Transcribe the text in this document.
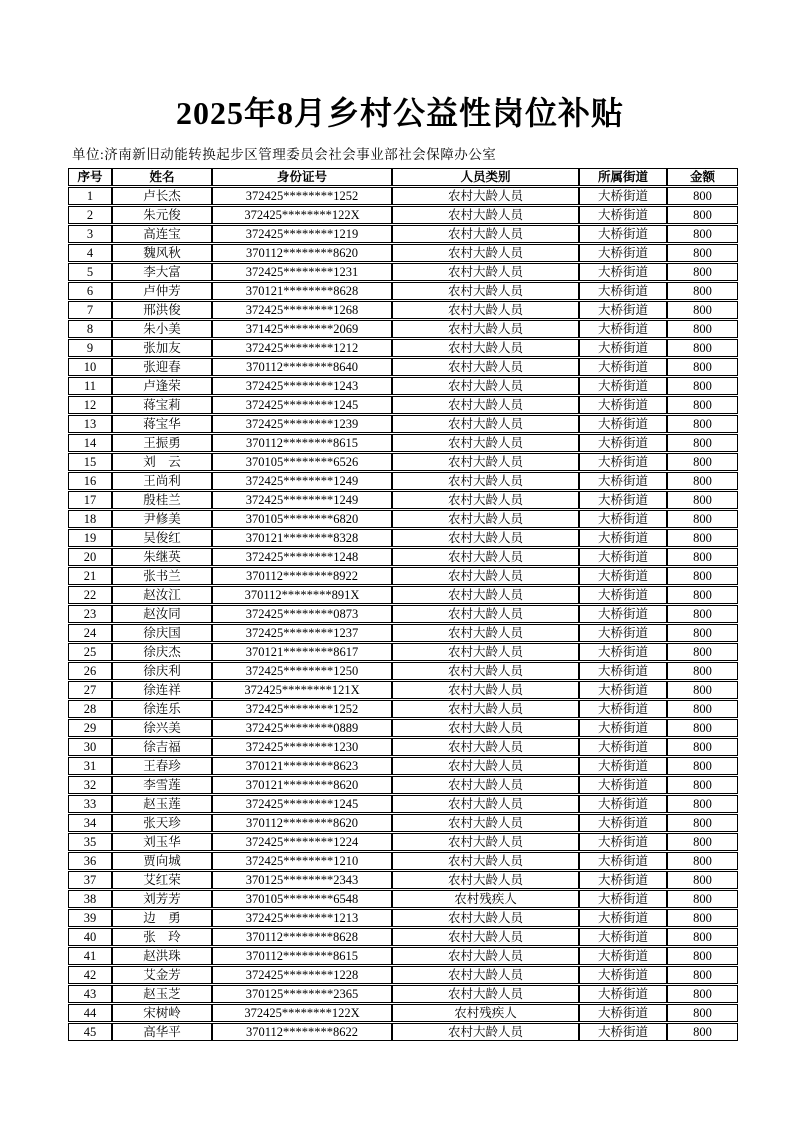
2025年8月乡村公益性岗位补贴
单位:济南新旧动能转换起步区管理委员会社会事业部社会保障办公室
序号	姓名	身份证号	人员类别	所属街道	金额
1	卢长杰	372425********1252	农村大龄人员	大桥街道	800
2	朱元俊	372425********122X	农村大龄人员	大桥街道	800
3	高连宝	372425********1219	农村大龄人员	大桥街道	800
4	魏风秋	370112********8620	农村大龄人员	大桥街道	800
5	李大富	372425********1231	农村大龄人员	大桥街道	800
6	卢仲芳	370121********8628	农村大龄人员	大桥街道	800
7	邢洪俊	372425********1268	农村大龄人员	大桥街道	800
8	朱小美	371425********2069	农村大龄人员	大桥街道	800
9	张加友	372425********1212	农村大龄人员	大桥街道	800
10	张迎春	370112********8640	农村大龄人员	大桥街道	800
11	卢逢荣	372425********1243	农村大龄人员	大桥街道	800
12	蒋宝莉	372425********1245	农村大龄人员	大桥街道	800
13	蒋宝华	372425********1239	农村大龄人员	大桥街道	800
14	王振勇	370112********8615	农村大龄人员	大桥街道	800
15	刘　云	370105********6526	农村大龄人员	大桥街道	800
16	王尚利	372425********1249	农村大龄人员	大桥街道	800
17	殷桂兰	372425********1249	农村大龄人员	大桥街道	800
18	尹修美	370105********6820	农村大龄人员	大桥街道	800
19	吴俊红	370121********8328	农村大龄人员	大桥街道	800
20	朱继英	372425********1248	农村大龄人员	大桥街道	800
21	张书兰	370112********8922	农村大龄人员	大桥街道	800
22	赵汝江	370112********891X	农村大龄人员	大桥街道	800
23	赵汝同	372425********0873	农村大龄人员	大桥街道	800
24	徐庆国	372425********1237	农村大龄人员	大桥街道	800
25	徐庆杰	370121********8617	农村大龄人员	大桥街道	800
26	徐庆利	372425********1250	农村大龄人员	大桥街道	800
27	徐连祥	372425********121X	农村大龄人员	大桥街道	800
28	徐连乐	372425********1252	农村大龄人员	大桥街道	800
29	徐兴美	372425********0889	农村大龄人员	大桥街道	800
30	徐吉福	372425********1230	农村大龄人员	大桥街道	800
31	王春珍	370121********8623	农村大龄人员	大桥街道	800
32	李雪莲	370121********8620	农村大龄人员	大桥街道	800
33	赵玉莲	372425********1245	农村大龄人员	大桥街道	800
34	张天珍	370112********8620	农村大龄人员	大桥街道	800
35	刘玉华	372425********1224	农村大龄人员	大桥街道	800
36	贾向城	372425********1210	农村大龄人员	大桥街道	800
37	艾红荣	370125********2343	农村大龄人员	大桥街道	800
38	刘芳芳	370105********6548	农村残疾人	大桥街道	800
39	边　勇	372425********1213	农村大龄人员	大桥街道	800
40	张　玲	370112********8628	农村大龄人员	大桥街道	800
41	赵洪珠	370112********8615	农村大龄人员	大桥街道	800
42	艾金芳	372425********1228	农村大龄人员	大桥街道	800
43	赵玉芝	370125********2365	农村大龄人员	大桥街道	800
44	宋树岭	372425********122X	农村残疾人	大桥街道	800
45	高华平	370112********8622	农村大龄人员	大桥街道	800
